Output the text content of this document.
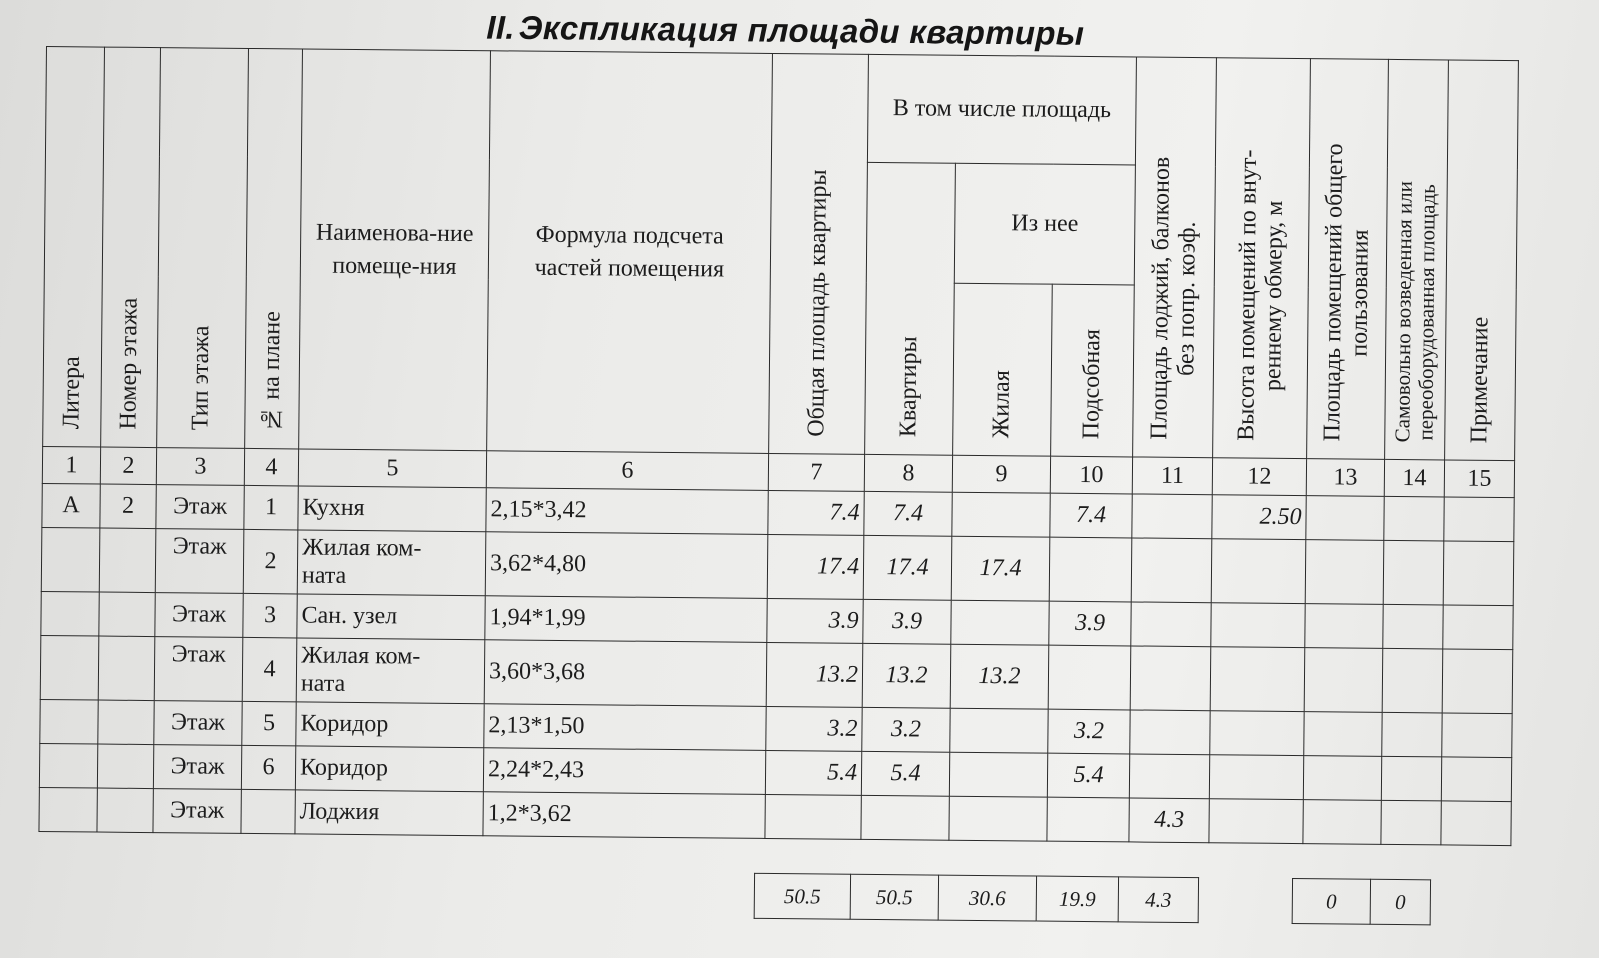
II. Экспликация площади квартиры
Литера	Номер этажа	Тип этажа	№ на плане	Наименова-ние помеще-ния	Формула подсчета частей помещения	Общая площадь квартиры	В том числе площадь			Площадь лоджий, балконов
без попр. коэф.	Высота помещений по внут-
реннему обмеру, м	Площадь помещений общего
пользования	Самовольно возведенная или
переоборудованная площадь	Примечание
							Квартиры	Из нее						
								Жилая	Подсобная					
1	2	3	4	5	6	7	8	9	10	11	12	13	14	15
А	2	Этаж	1	Кухня	2,15*3,42	7.4	7.4		7.4		2.50			
		Этаж	2	Жилая ком-
ната	3,62*4,80	17.4	17.4	17.4						
		Этаж	3	Сан. узел	1,94*1,99	3.9	3.9		3.9					
		Этаж	4	Жилая ком-
ната	3,60*3,68	13.2	13.2	13.2						
		Этаж	5	Коридор	2,13*1,50	3.2	3.2		3.2					
		Этаж	6	Коридор	2,24*2,43	5.4	5.4		5.4					
		Этаж		Лоджия	1,2*3,62					4.3				
50.5	50.5	30.6	19.9	4.3		0	0
